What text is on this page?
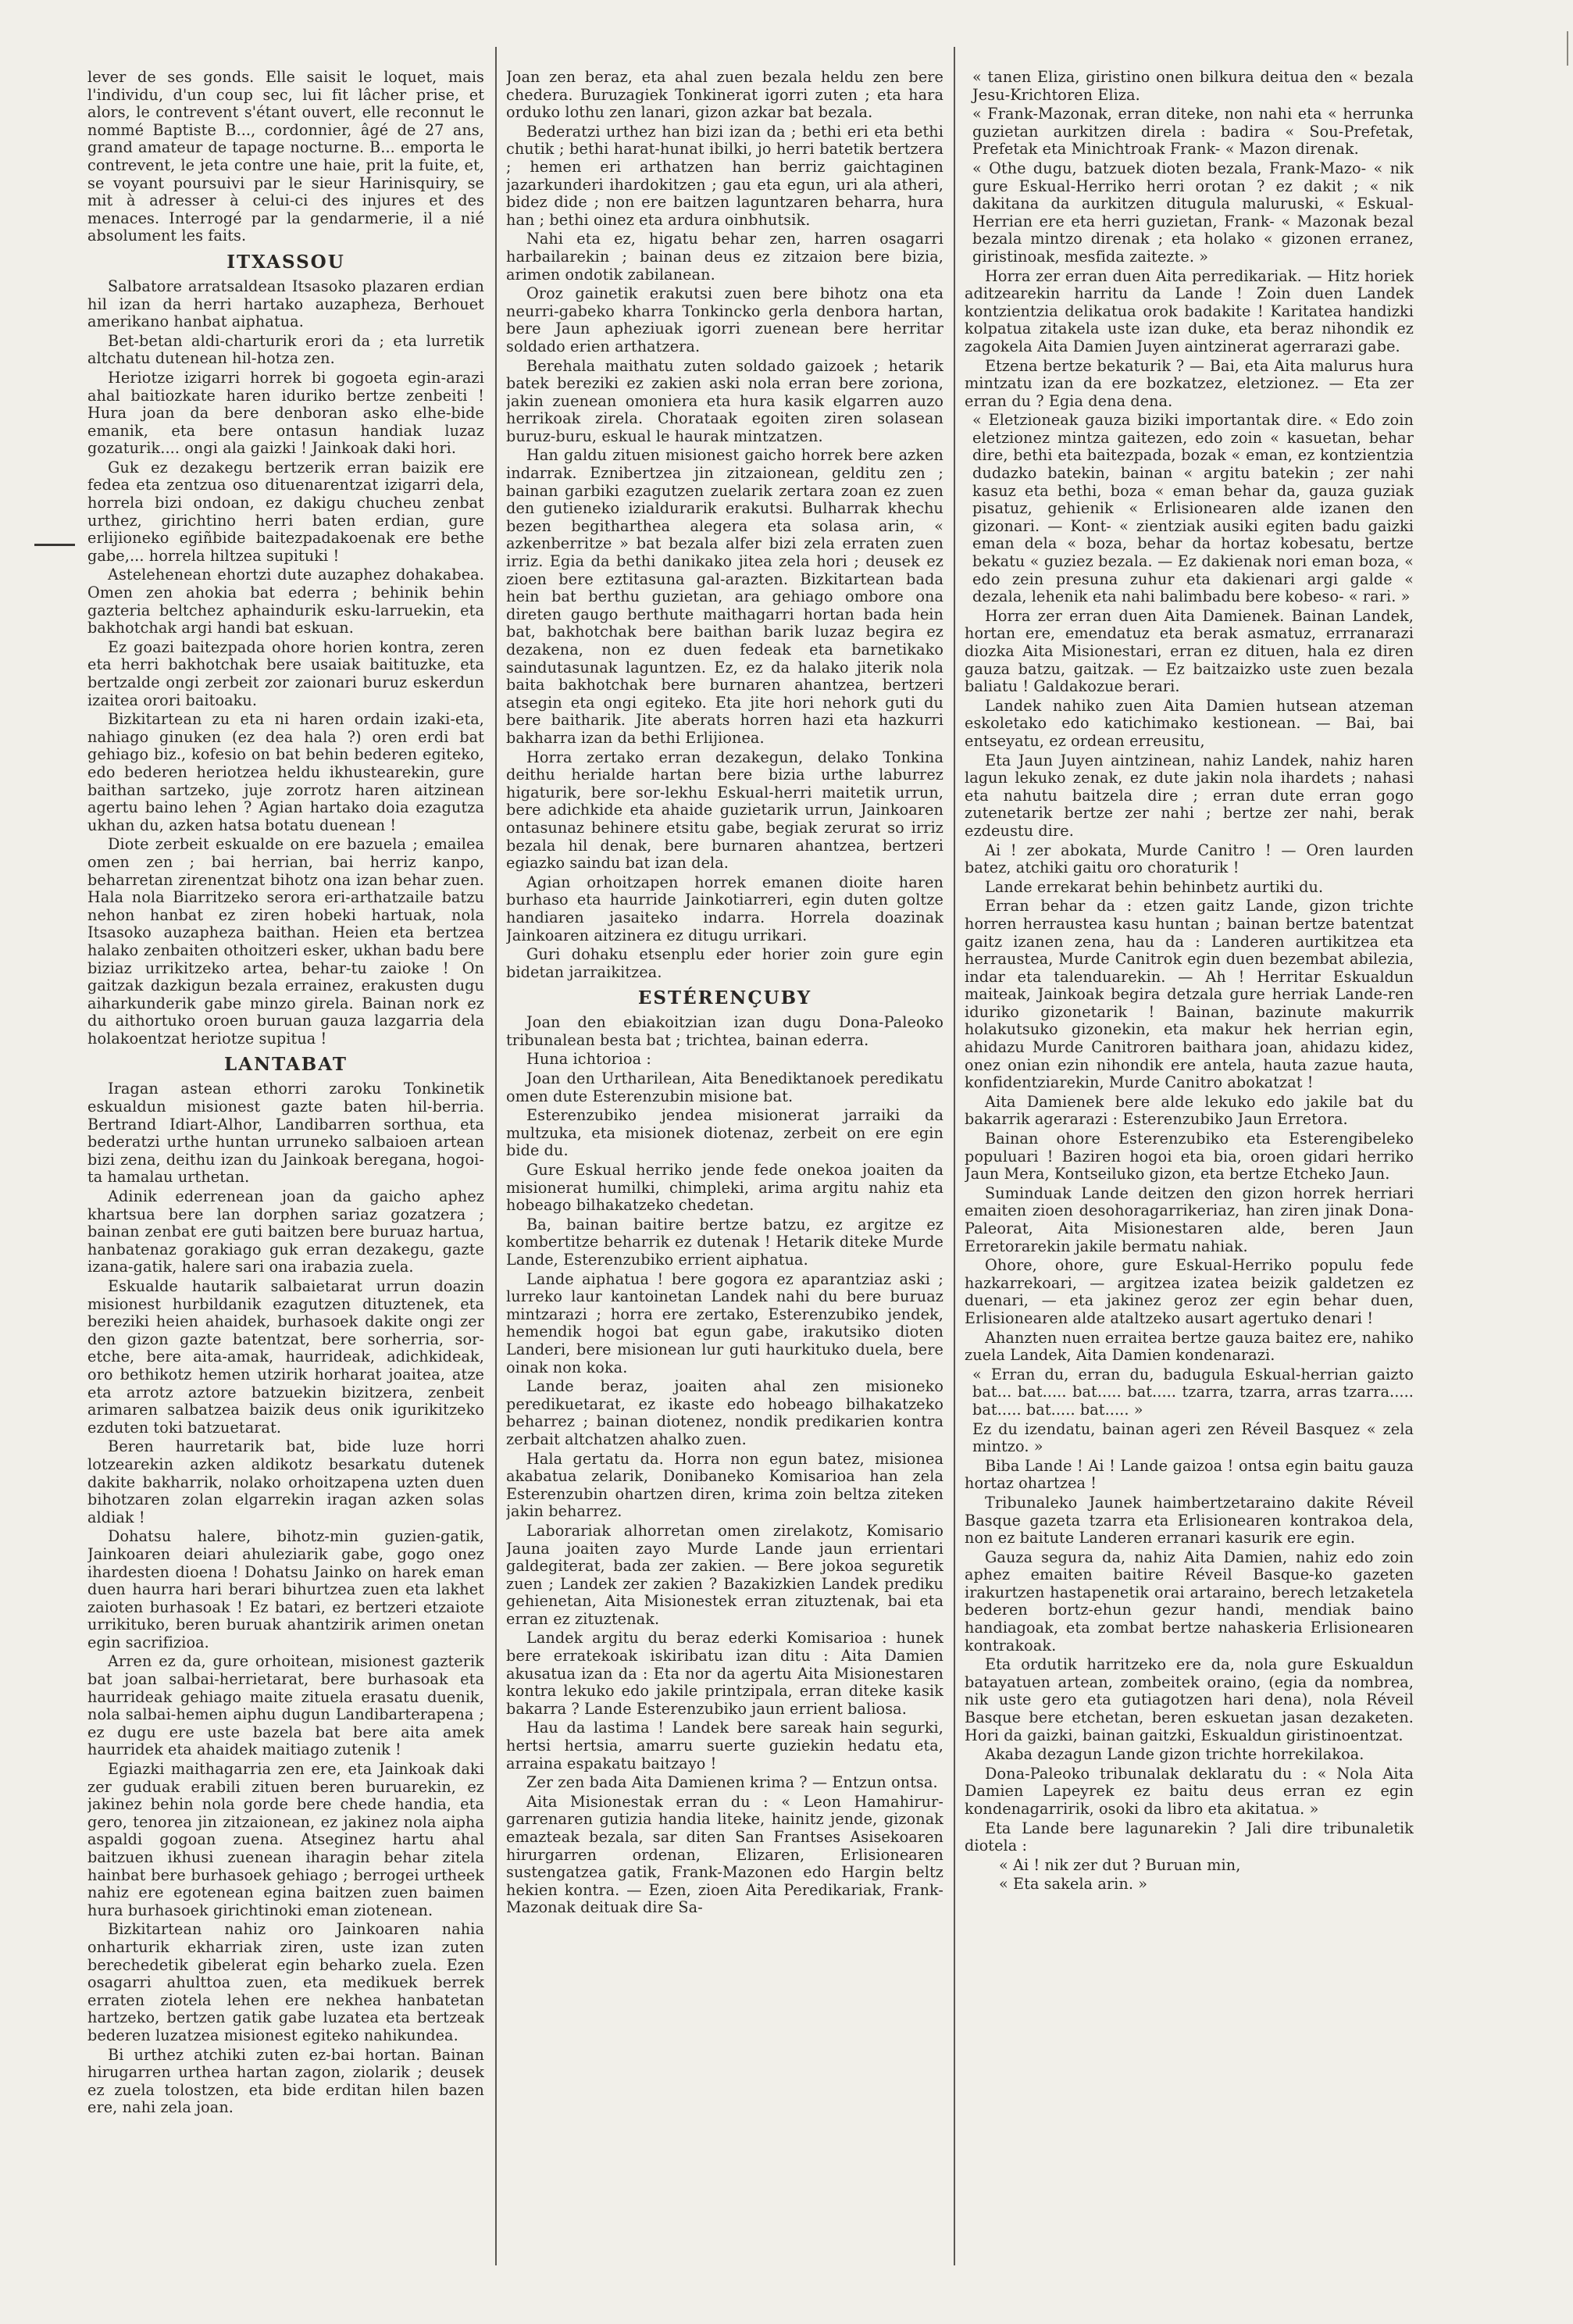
lever de ses gonds. Elle saisit le loquet, mais l'individu, d'un coup sec, lui fit lâcher prise, et alors, le contrevent s'étant ouvert, elle reconnut le nommé Baptiste B..., cordonnier, âgé de 27 ans, grand amateur de tapage nocturne. B... emporta le contrevent, le jeta contre une haie, prit la fuite, et, se voyant poursuivi par le sieur Harinisquiry, se mit à adresser à celui-ci des injures et des menaces. Interrogé par la gendarmerie, il a nié absolument les faits.

ITXASSOU

Salbatore arratsaldean Itsasoko plazaren erdian hil izan da herri hartako auzapheza, Berhouet amerikano hanbat aiphatua.

Bet-betan aldi-charturik erori da ; eta lurretik altchatu dutenean hil-hotza zen.

Heriotze izigarri horrek bi gogoeta egin-arazi ahal baitiozkate haren iduriko bertze zenbeiti ! Hura joan da bere denboran asko elhe-bide emanik, eta bere ontasun handiak luzaz gozaturik.... ongi ala gaizki ! Jainkoak daki hori.

Guk ez dezakegu bertzerik erran baizik ere fedea eta zentzua oso dituenarentzat izigarri dela, horrela bizi ondoan, ez dakigu chucheu zenbat urthez, girichtino herri baten erdian, gure erlijioneko egiñbide baitezpadakoenak ere bethe gabe,... horrela hiltzea supituki !

Astelehenean ehortzi dute auzaphez dohakabea. Omen zen ahokia bat ederra ; behinik behin gazteria beltchez aphaindurik esku-larruekin, eta bakhotchak argi handi bat eskuan.

Ez goazi baitezpada ohore horien kontra, zeren eta herri bakhotchak bere usaiak baitituzke, eta bertzalde ongi zerbeit zor zaionari buruz eskerdun izaitea orori baitoaku.

Bizkitartean zu eta ni haren ordain izaki-eta, nahiago ginuken (ez dea hala ?) oren erdi bat gehiago biz., kofesio on bat behin bederen egiteko, edo bederen heriotzea heldu ikhustearekin, gure baithan sartzeko, juje zorrotz haren aitzinean agertu baino lehen ? Agian hartako doia ezagutza ukhan du, azken hatsa botatu duenean !

Diote zerbeit eskualde on ere bazuela ; emailea omen zen ; bai herrian, bai herriz kanpo, beharretan zirenentzat bihotz ona izan behar zuen. Hala nola Biarritzeko serora eri-arthatzaile batzu nehon hanbat ez ziren hobeki hartuak, nola Itsasoko auzapheza baithan. Heien eta bertzea halako zenbaiten othoitzeri esker, ukhan badu bere biziaz urrikitzeko artea, behar-tu zaioke ! On gaitzak dazkigun bezala errainez, erakusten dugu aiharkunderik gabe minzo girela. Bainan nork ez du aithortuko oroen buruan gauza lazgarria dela holakoentzat heriotze supitua !

LANTABAT

Iragan astean ethorri zaroku Tonkinetik eskualdun misionest gazte baten hil-berria. Bertrand Idiart-Alhor, Landibarren sorthua, eta bederatzi urthe huntan urruneko salbaioen artean bizi zena, deithu izan du Jainkoak beregana, hogoi-ta hamalau urthetan.

Adinik ederrenean joan da gaicho aphez khartsua bere lan dorphen sariaz gozatzera ; bainan zenbat ere guti baitzen bere buruaz hartua, hanbatenaz gorakiago guk erran dezakegu, gazte izana-gatik, halere sari ona irabazia zuela.

Eskualde hautarik salbaietarat urrun doazin misionest hurbildanik ezagutzen dituztenek, eta bereziki heien ahaidek, burhasoek dakite ongi zer den gizon gazte batentzat, bere sorherria, sor-etche, bere aita-amak, haurrideak, adichkideak, oro bethikotz hemen utzirik horharat joaitea, atze eta arrotz aztore batzuekin bizitzera, zenbeit arimaren salbatzea baizik deus onik igurikitzeko ezduten toki batzuetarat.

Beren haurretarik bat, bide luze horri lotzearekin azken aldikotz besarkatu dutenek dakite bakharrik, nolako orhoitzapena uzten duen bihotzaren zolan elgarrekin iragan azken solas aldiak !

Dohatsu halere, bihotz-min guzien-gatik, Jainkoaren deiari ahuleziarik gabe, gogo onez ihardesten dioena ! Dohatsu Jainko on harek eman duen haurra hari berari bihurtzea zuen eta lakhet zaioten burhasoak ! Ez batari, ez bertzeri etzaiote urrikituko, beren buruak ahantzirik arimen onetan egin sacrifizioa.

Arren ez da, gure orhoitean, misionest gazterik bat joan salbai-herrietarat, bere burhasoak eta haurrideak gehiago maite zituela erasatu duenik, nola salbai-hemen aiphu dugun Landibarterapena ; ez dugu ere uste bazela bat bere aita amek haurridek eta ahaidek maitiago zutenik !

Egiazki maithagarria zen ere, eta Jainkoak daki zer guduak erabili zituen beren buruarekin, ez jakinez behin nola gorde bere chede handia, eta gero, tenorea jin zitzaionean, ez jakinez nola aipha aspaldi gogoan zuena. Atseginez hartu ahal baitzuen ikhusi zuenean iharagin behar zitela hainbat bere burhasoek gehiago ; berrogei urtheek nahiz ere egotenean egina baitzen zuen baimen hura burhasoek girichtinoki eman ziotenean.

Bizkitartean nahiz oro Jainkoaren nahia onharturik ekharriak ziren, uste izan zuten berechedetik gibelerat egin beharko zuela. Ezen osagarri ahulttoa zuen, eta medikuek berrek erraten ziotela lehen ere nekhea hanbatetan hartzeko, bertzen gatik gabe luzatea eta bertzeak bederen luzatzea misionest egiteko nahikundea.

Bi urthez atchiki zuten ez-bai hortan. Bainan hirugarren urthea hartan zagon, ziolarik ; deusek ez zuela tolostzen, eta bide erditan hilen bazen ere, nahi zela joan.

Joan zen beraz, eta ahal zuen bezala heldu zen bere chedera. Buruzagiek Tonkinerat igorri zuten ; eta hara orduko lothu zen lanari, gizon azkar bat bezala.

Bederatzi urthez han bizi izan da ; bethi eri eta bethi chutik ; bethi harat-hunat ibilki, jo herri batetik bertzera ; hemen eri arthatzen han berriz gaichtaginen jazarkunderi ihardokitzen ; gau eta egun, uri ala atheri, bidez dide ; non ere baitzen laguntzaren beharra, hura han ; bethi oinez eta ardura oinbhutsik.

Nahi eta ez, higatu behar zen, harren osagarri harbailarekin ; bainan deus ez zitzaion bere bizia, arimen ondotik zabilanean.

Oroz gainetik erakutsi zuen bere bihotz ona eta neurri-gabeko kharra Tonkincko gerla denbora hartan, bere Jaun apheziuak igorri zuenean bere herritar soldado erien arthatzera.

Berehala maithatu zuten soldado gaizoek ; hetarik batek bereziki ez zakien aski nola erran bere zoriona, jakin zuenean omoniera eta hura kasik elgarren auzo herrikoak zirela. Chorataak egoiten ziren solasean buruz-buru, eskual le haurak mintzatzen.

Han galdu zituen misionest gaicho horrek bere azken indarrak. Eznibertzea jin zitzaionean, gelditu zen ; bainan garbiki ezagutzen zuelarik zertara zoan ez zuen den gutieneko izialdurarik erakutsi. Bulharrak khechu bezen begitharthea alegera eta solasa arin, « azkenberritze » bat bezala alfer bizi zela erraten zuen irriz. Egia da bethi danikako jitea zela hori ; deusek ez zioen bere eztitasuna gal-arazten. Bizkitartean bada hein bat berthu guzietan, ara gehiago ombore ona direten gaugo berthute maithagarri hortan bada hein bat, bakhotchak bere baithan barik luzaz begira ez dezakena, non ez duen fedeak eta barnetikako saindutasunak laguntzen. Ez, ez da halako jiterik nola baita bakhotchak bere burnaren ahantzea, bertzeri atsegin eta ongi egiteko. Eta jite hori nehork guti du bere baitharik. Jite aberats horren hazi eta hazkurri bakharra izan da bethi Erlijionea.

Horra zertako erran dezakegun, delako Tonkina deithu herialde hartan bere bizia urthe laburrez higaturik, bere sor-lekhu Eskual-herri maitetik urrun, bere adichkide eta ahaide guzietarik urrun, Jainkoaren ontasunaz behinere etsitu gabe, begiak zerurat so irriz bezala hil denak, bere burnaren ahantzea, bertzeri egiazko saindu bat izan dela.

Agian orhoitzapen horrek emanen dioite haren burhaso eta haurride Jainkotiarreri, egin duten goltze handiaren jasaiteko indarra. Horrela doazinak Jainkoaren aitzinera ez ditugu urrikari.

Guri dohaku etsenplu eder horier zoin gure egin bidetan jarraikitzea.

ESTÉRENÇUBY

Joan den ebiakoitzian izan dugu Dona-Paleoko tribunalean besta bat ; trichtea, bainan ederra.

Huna ichtorioa :

Joan den Urtharilean, Aita Benediktanoek peredikatu omen dute Esterenzubin misione bat.

Esterenzubiko jendea misionerat jarraiki da multzuka, eta misionek diotenaz, zerbeit on ere egin bide du.

Gure Eskual herriko jende fede onekoa joaiten da misionerat humilki, chimpleki, arima argitu nahiz eta hobeago bilhakatzeko chedetan.

Ba, bainan baitire bertze batzu, ez argitze ez kombertitze beharrik ez dutenak ! Hetarik diteke Murde Lande, Esterenzubiko errient aiphatua.

Lande aiphatua ! bere gogora ez aparantziaz aski ; lurreko laur kantoinetan Landek nahi du bere buruaz mintzarazi ; horra ere zertako, Esterenzubiko jendek, hemendik hogoi bat egun gabe, irakutsiko dioten Landeri, bere misionean lur guti haurkituko duela, bere oinak non koka.

Lande beraz, joaiten ahal zen misioneko peredikuetarat, ez ikaste edo hobeago bilhakatzeko beharrez ; bainan diotenez, nondik predikarien kontra zerbait altchatzen ahalko zuen.

Hala gertatu da. Horra non egun batez, misionea akabatua zelarik, Donibaneko Komisarioa han zela Esterenzubin ohartzen diren, krima zoin beltza ziteken jakin beharrez.

Laborariak alhorretan omen zirelakotz, Komisario Jauna joaiten zayo Murde Lande jaun errientari galdegiterat, bada zer zakien. — Bere jokoa seguretik zuen ; Landek zer zakien ? Bazakizkien Landek prediku gehienetan, Aita Misionestek erran zituztenak, bai eta erran ez zituztenak.

Landek argitu du beraz ederki Komisarioa : hunek bere erratekoak iskiribatu izan ditu : Aita Damien akusatua izan da : Eta nor da agertu Aita Misionestaren kontra lekuko edo jakile printzipala, erran diteke kasik bakarra ? Lande Esterenzubiko jaun errient baliosa.

Hau da lastima ! Landek bere sareak hain segurki, hertsi hertsia, amarru suerte guziekin hedatu eta, arraina espakatu baitzayo !

Zer zen bada Aita Damienen krima ? — Entzun ontsa.

Aita Misionestak erran du : « Leon Hamahirur-garrenaren gutizia handia liteke, hainitz jende, gizonak emazteak bezala, sar diten San Frantses Asisekoaren hirurgarren ordenan, Elizaren, Erlisionearen sustengatzea gatik, Frank-Mazonen edo Hargin beltz hekien kontra. — Ezen, zioen Aita Peredikariak, Frank-Mazonak deituak dire Sa-

« tanen Eliza, giristino onen bilkura deitua den « bezala Jesu-Krichtoren Eliza.

« Frank-Mazonak, erran diteke, non nahi eta « herrunka guzietan aurkitzen direla : badira « Sou-Prefetak, Prefetak eta Minichtroak Frank- « Mazon direnak.

« Othe dugu, batzuek dioten bezala, Frank-Mazo- « nik gure Eskual-Herriko herri orotan ? ez dakit ; « nik dakitana da aurkitzen ditugula maluruski, « Eskual-Herrian ere eta herri guzietan, Frank- « Mazonak bezal bezala mintzo direnak ; eta holako « gizonen erranez, giristinoak, mesfida zaitezte. »

Horra zer erran duen Aita perredikariak. — Hitz horiek aditzearekin harritu da Lande ! Zoin duen Landek kontzientzia delikatua orok badakite ! Karitatea handizki kolpatua zitakela uste izan duke, eta beraz nihondik ez zagokela Aita Damien Juyen aintzinerat agerrarazi gabe.

Etzena bertze bekaturik ? — Bai, eta Aita malurus hura mintzatu izan da ere bozkatzez, eletzionez. — Eta zer erran du ? Egia dena dena.

« Eletzioneak gauza biziki importantak dire. « Edo zoin eletzionez mintza gaitezen, edo zoin « kasuetan, behar dire, bethi eta baitezpada, bozak « eman, ez kontzientzia dudazko batekin, bainan « argitu batekin ; zer nahi kasuz eta bethi, boza « eman behar da, gauza guziak pisatuz, gehienik « Erlisionearen alde izanen den gizonari. — Kont- « zientziak ausiki egiten badu gaizki eman dela « boza, behar da hortaz kobesatu, bertze bekatu « guziez bezala. — Ez dakienak nori eman boza, « edo zein presuna zuhur eta dakienari argi galde « dezala, lehenik eta nahi balimbadu bere kobeso- « rari. »

Horra zer erran duen Aita Damienek. Bainan Landek, hortan ere, emendatuz eta berak asmatuz, errranarazi diozka Aita Misionestari, erran ez dituen, hala ez diren gauza batzu, gaitzak. — Ez baitzaizko uste zuen bezala baliatu ! Galdakozue berari.

Landek nahiko zuen Aita Damien hutsean atzeman eskoletako edo katichimako kestionean. — Bai, bai entseyatu, ez ordean erreusitu,

Eta Jaun Juyen aintzinean, nahiz Landek, nahiz haren lagun lekuko zenak, ez dute jakin nola ihardets ; nahasi eta nahutu baitzela dire ; erran dute erran gogo zutenetarik bertze zer nahi ; bertze zer nahi, berak ezdeustu dire.

Ai ! zer abokata, Murde Canitro ! — Oren laurden batez, atchiki gaitu oro choraturik !

Lande errekarat behin behinbetz aurtiki du.

Erran behar da : etzen gaitz Lande, gizon trichte horren herraustea kasu huntan ; bainan bertze batentzat gaitz izanen zena, hau da : Landeren aurtikitzea eta herraustea, Murde Canitrok egin duen bezembat abilezia, indar eta talenduarekin. — Ah ! Herritar Eskualdun maiteak, Jainkoak begira detzala gure herriak Lande-ren iduriko gizonetarik ! Bainan, bazinute makurrik holakutsuko gizonekin, eta makur hek herrian egin, ahidazu Murde Canitroren baithara joan, ahidazu kidez, onez onian ezin nihondik ere antela, hauta zazue hauta, konfidentziarekin, Murde Canitro abokatzat !

Aita Damienek bere alde lekuko edo jakile bat du bakarrik agerarazi : Esterenzubiko Jaun Erretora.

Bainan ohore Esterenzubiko eta Esterengibeleko populuari ! Baziren hogoi eta bia, oroen gidari herriko Jaun Mera, Kontseiluko gizon, eta bertze Etcheko Jaun.

Suminduak Lande deitzen den gizon horrek herriari emaiten zioen desohoragarrikeriaz, han ziren jinak Dona-Paleorat, Aita Misionestaren alde, beren Jaun Erretorarekin jakile bermatu nahiak.

Ohore, ohore, gure Eskual-Herriko populu fede hazkarrekoari, — argitzea izatea beizik galdetzen ez duenari, — eta jakinez geroz zer egin behar duen, Erlisionearen alde ataltzeko ausart agertuko denari !

Ahanzten nuen erraitea bertze gauza baitez ere, nahiko zuela Landek, Aita Damien kondenarazi.

« Erran du, erran du, badugula Eskual-herrian gaizto bat... bat..... bat..... bat..... tzarra, tzarra, arras tzarra..... bat..... bat..... bat..... »

Ez du izendatu, bainan ageri zen Réveil Basquez « zela mintzo. »

Biba Lande ! Ai ! Lande gaizoa ! ontsa egin baitu gauza hortaz ohartzea !

Tribunaleko Jaunek haimbertzetaraino dakite Réveil Basque gazeta tzarra eta Erlisionearen kontrakoa dela, non ez baitute Landeren erranari kasurik ere egin.

Gauza segura da, nahiz Aita Damien, nahiz edo zoin aphez emaiten baitire Réveil Basque-ko gazeten irakurtzen hastapenetik orai artaraino, berech letzaketela bederen bortz-ehun gezur handi, mendiak baino handiagoak, eta zombat bertze nahaskeria Erlisionearen kontrakoak.

Eta ordutik harritzeko ere da, nola gure Eskualdun batayatuen artean, zombeitek oraino, (egia da nombrea, nik uste gero eta gutiagotzen hari dena), nola Réveil Basque bere etchetan, beren eskuetan jasan dezaketen. Hori da gaizki, bainan gaitzki, Eskualdun giristinoentzat.

Akaba dezagun Lande gizon trichte horrekilakoa.

Dona-Paleoko tribunalak deklaratu du : « Nola Aita Damien Lapeyrek ez baitu deus erran ez egin kondenagarririk, osoki da libro eta akitatua. »

Eta Lande bere lagunarekin ? Jali dire tribunaletik diotela :

« Ai ! nik zer dut ? Buruan min,

« Eta sakela arin. »
